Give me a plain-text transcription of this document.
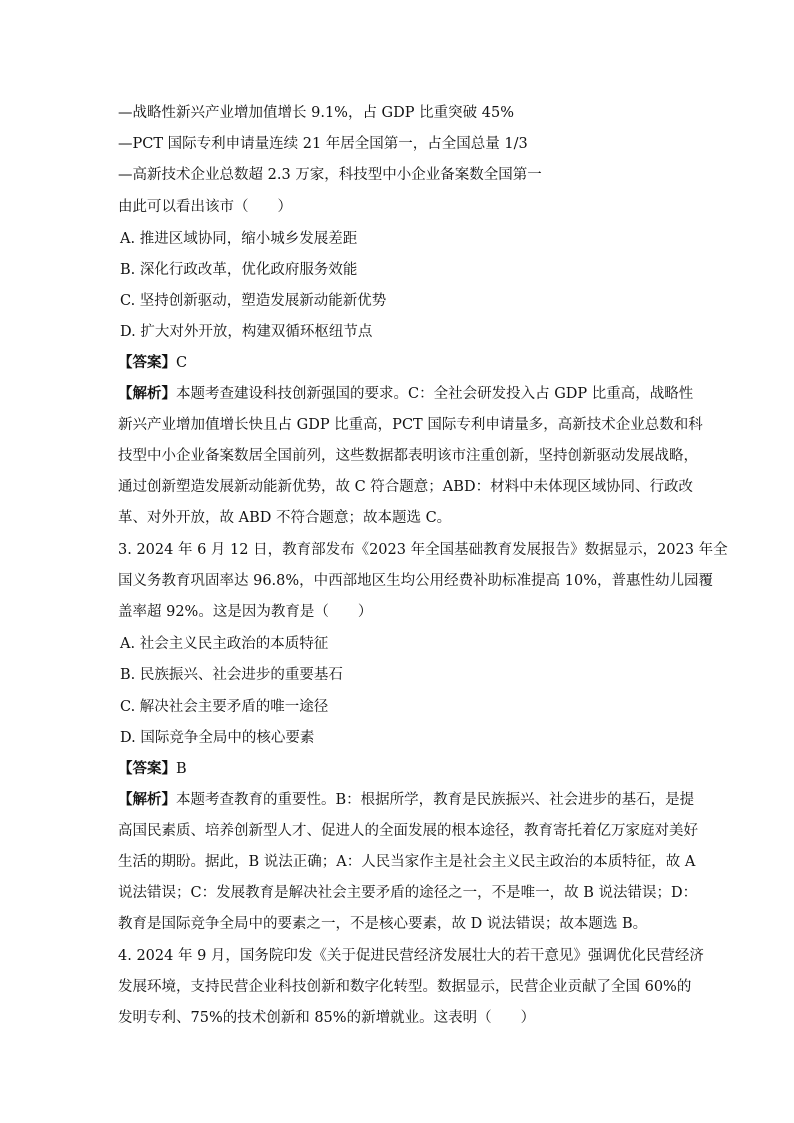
—战略性新兴产业增加值增长 9.1%，占 GDP 比重突破 45%
—PCT 国际专利申请量连续 21 年居全国第一，占全国总量 1/3
—高新技术企业总数超 2.3 万家，科技型中小企业备案数全国第一
由此可以看出该市（　　）
A. 推进区域协同，缩小城乡发展差距
B. 深化行政改革，优化政府服务效能
C. 坚持创新驱动，塑造发展新动能新优势
D. 扩大对外开放，构建双循环枢纽节点
【答案】C
【解析】本题考查建设科技创新强国的要求。C：全社会研发投入占 GDP 比重高，战略性
新兴产业增加值增长快且占 GDP 比重高，PCT 国际专利申请量多，高新技术企业总数和科
技型中小企业备案数居全国前列，这些数据都表明该市注重创新，坚持创新驱动发展战略，
通过创新塑造发展新动能新优势，故 C 符合题意；ABD：材料中未体现区域协同、行政改
革、对外开放，故 ABD 不符合题意；故本题选 C。
3. 2024 年 6 月 12 日，教育部发布《2023 年全国基础教育发展报告》数据显示，2023 年全
国义务教育巩固率达 96.8%，中西部地区生均公用经费补助标准提高 10%，普惠性幼儿园覆
盖率超 92%。这是因为教育是（　　）
A. 社会主义民主政治的本质特征
B. 民族振兴、社会进步的重要基石
C. 解决社会主要矛盾的唯一途径
D. 国际竞争全局中的核心要素
【答案】B
【解析】本题考查教育的重要性。B：根据所学，教育是民族振兴、社会进步的基石，是提
高国民素质、培养创新型人才、促进人的全面发展的根本途径，教育寄托着亿万家庭对美好
生活的期盼。据此，B 说法正确；A：人民当家作主是社会主义民主政治的本质特征，故 A
说法错误；C：发展教育是解决社会主要矛盾的途径之一，不是唯一，故 B 说法错误；D：
教育是国际竞争全局中的要素之一，不是核心要素，故 D 说法错误；故本题选 B。
4. 2024 年 9 月，国务院印发《关于促进民营经济发展壮大的若干意见》强调优化民营经济
发展环境，支持民营企业科技创新和数字化转型。数据显示，民营企业贡献了全国 60%的
发明专利、75%的技术创新和 85%的新增就业。这表明（　　）
